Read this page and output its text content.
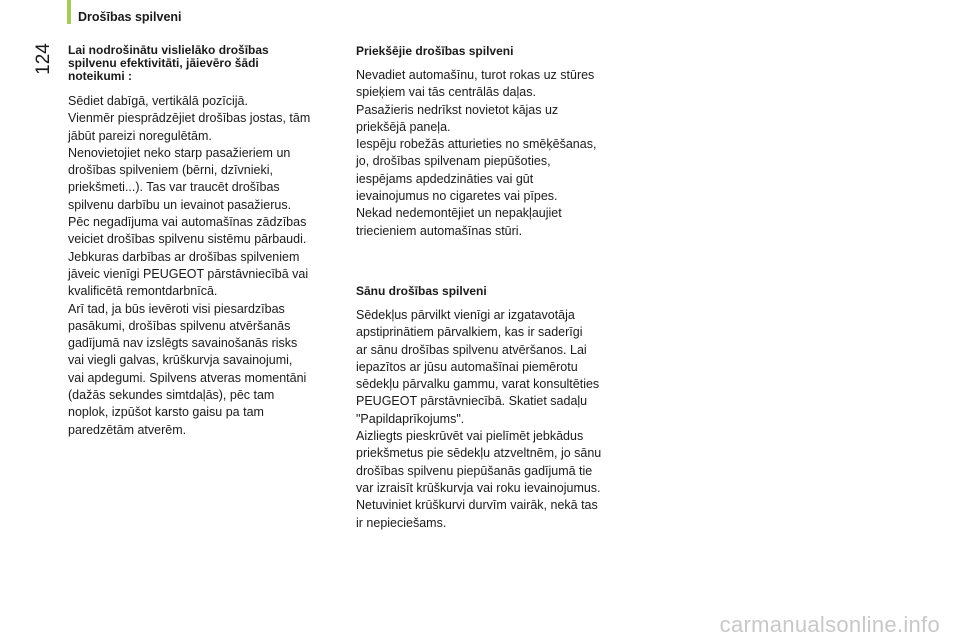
Drošības spilveni
124 Lai nodrošinātu vislielāko drošības
spilvenu efektivitāti, jāievēro šādi
noteikumi :

Sēdiet dabīgā, vertikālā pozīcijā.
Vienmēr piesprādzējiet drošības jostas, tām
jābūt pareizi noregulētām.
Nenovietojiet neko starp pasažieriem un
drošības spilveniem (bērni, dzīvnieki,
priekšmeti...). Tas var traucēt drošības
spilvenu darbību un ievainot pasažierus.
Pēc negadījuma vai automašīnas zādzības
veiciet drošības spilvenu sistēmu pārbaudi.
Jebkuras darbības ar drošības spilveniem
jāveic vienīgi PEUGEOT pārstāvniecībā vai
kvalificētā remontdarbnīcā.
Arī tad, ja būs ievēroti visi piesardzības
pasākumi, drošības spilvenu atvēršanās
gadījumā nav izslēgts savainošanās risks
vai viegli galvas, krūškurvja savainojumi,
vai apdegumi. Spilvens atveras momentāni
(dažās sekundes simtdaļās), pēc tam
noplok, izpūšot karsto gaisu pa tam
paredzētām atverēm.

Priekšējie drošības spilveni

Nevadiet automašīnu, turot rokas uz stūres
spieķiem vai tās centrālās daļas.
Pasažieris nedrīkst novietot kājas uz
priekšējā paneļa.
Iespēju robežās atturieties no smēķēšanas,
jo, drošības spilvenam piepūšoties,
iespējams apdedzināties vai gūt
ievainojumus no cigaretes vai pīpes.
Nekad nedemontējiet un nepakļaujiet
triecieniem automašīnas stūri.

Sānu drošības spilveni

Sēdekļus pārvilkt vienīgi ar izgatavotāja
apstiprinātiem pārvalkiem, kas ir saderīgi
ar sānu drošības spilvenu atvēršanos. Lai
iepazītos ar jūsu automašīnai piemērotu
sēdekļu pārvalku gammu, varat konsultēties
PEUGEOT pārstāvniecībā. Skatiet sadaļu
"Papildaprīkojums".
Aizliegts pieskrūvēt vai pielīmēt jebkādus
priekšmetus pie sēdekļu atzveltnēm, jo sānu
drošības spilvenu piepūšanās gadījumā tie
var izraisīt krūškurvja vai roku ievainojumus.
Netuviniet krūškurvi durvīm vairāk, nekā tas
ir nepieciešams.

carmanualsonline.info
